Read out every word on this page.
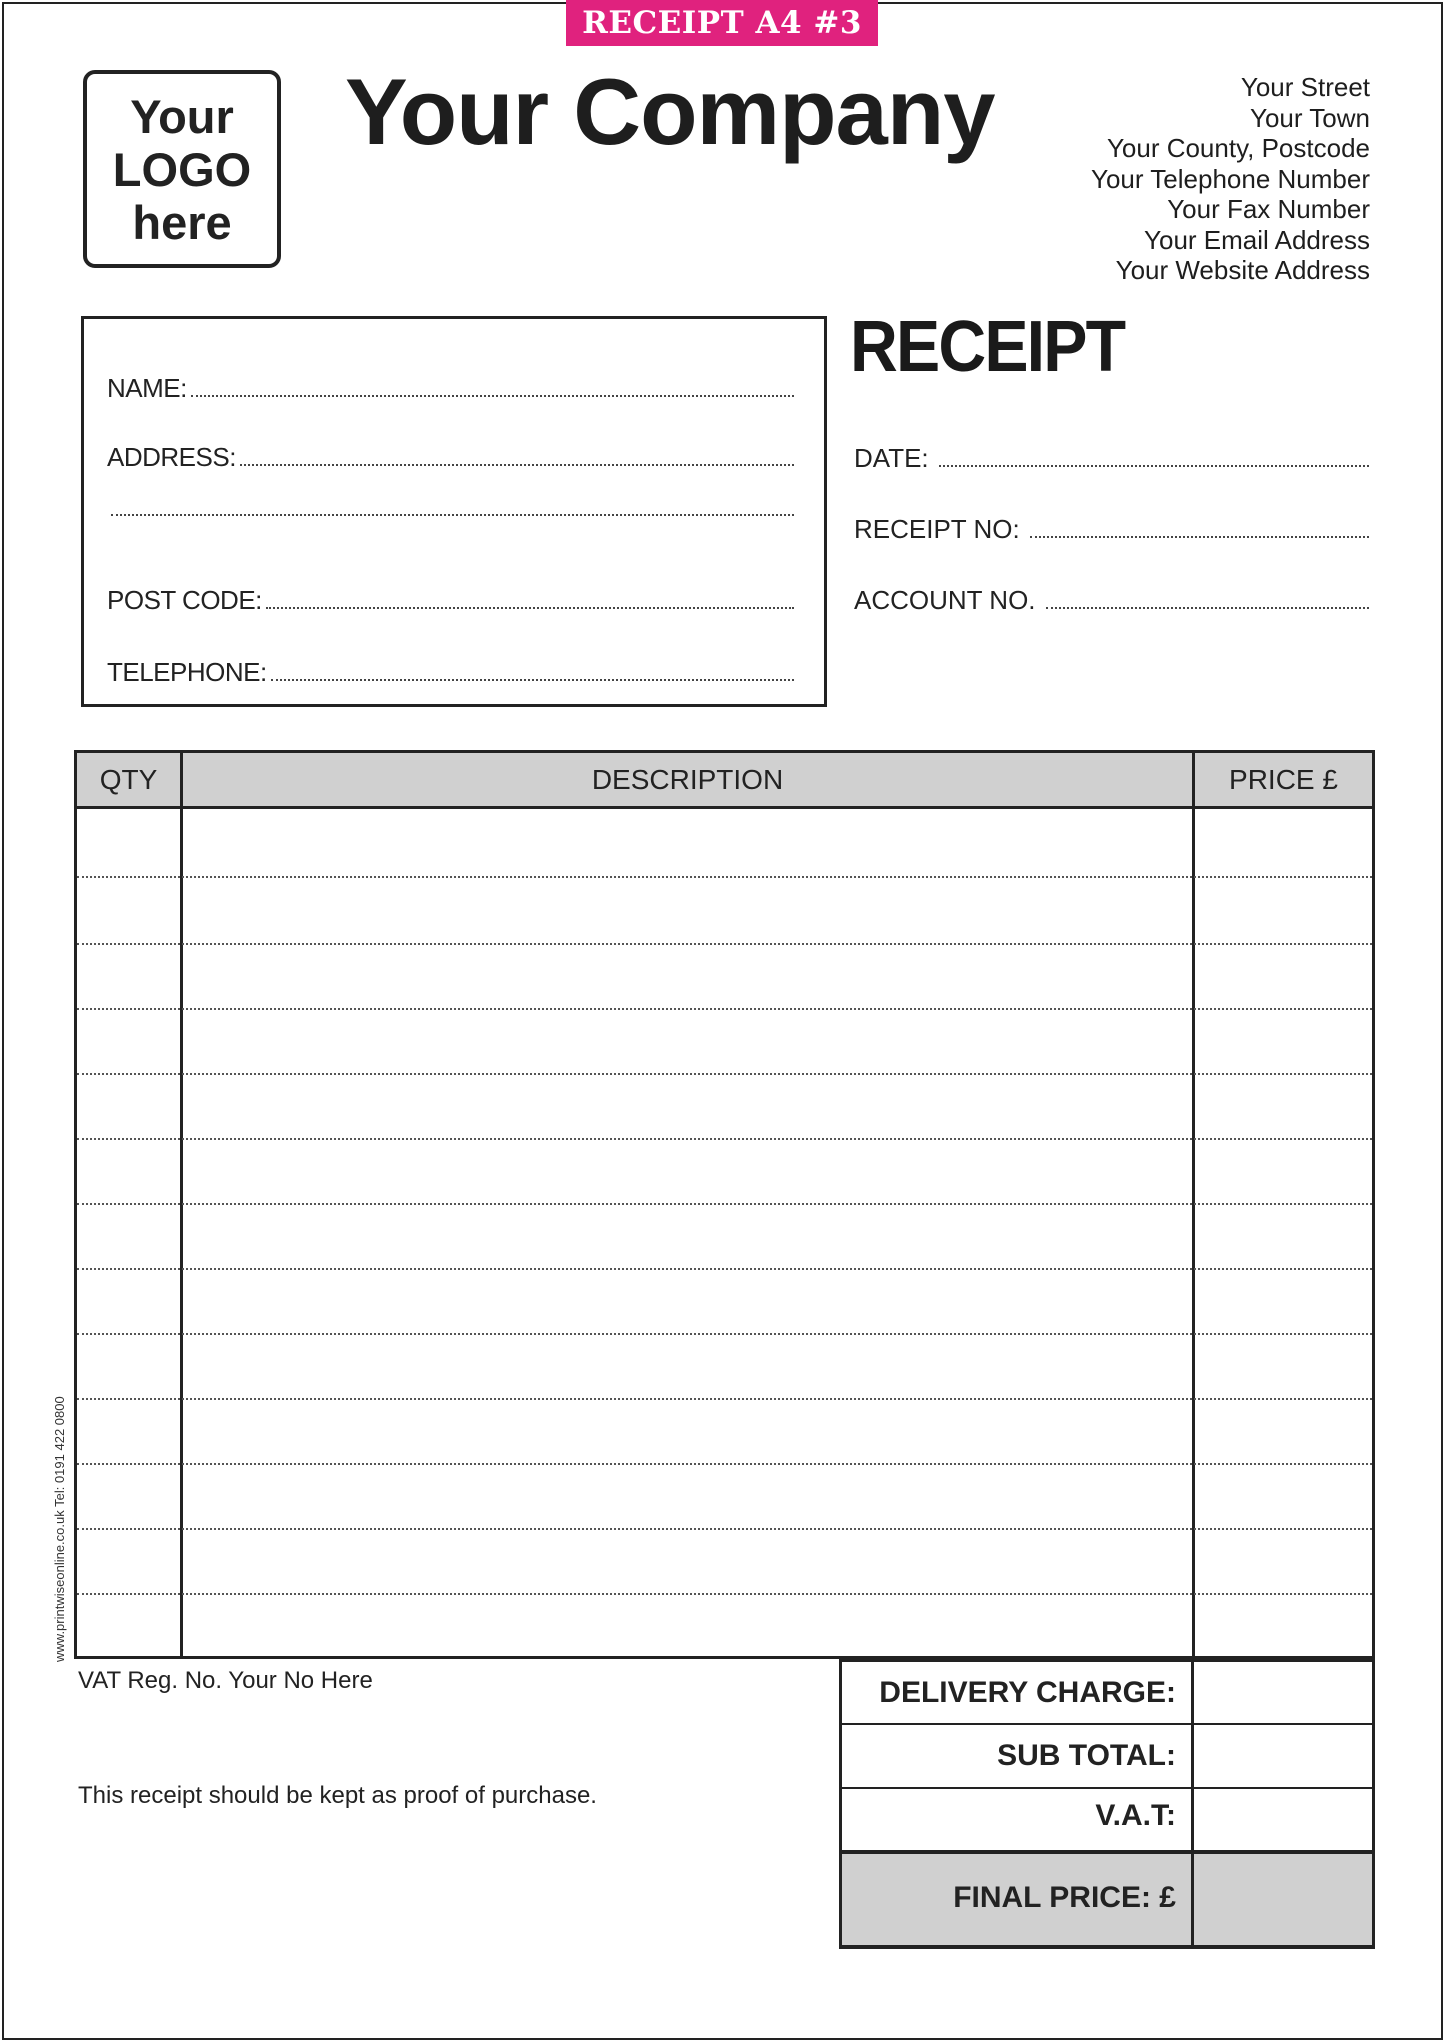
RECEIPT A4 #3
Your
LOGO
here
Your Company	Your Street
Your Town
Your County, Postcode
Your Telephone Number
Your Fax Number
Your Email Address
Your Website Address
NAME:
ADDRESS:
POST CODE:
TELEPHONE:
RECEIPT
DATE:
RECEIPT NO:
ACCOUNT NO.
QTY	DESCRIPTION	PRICE £
www.printwiseonline.co.uk Tel: 0191 422 0800
VAT Reg. No. Your No Here
This receipt should be kept as proof of purchase.
DELIVERY CHARGE:
SUB TOTAL:
V.A.T:
FINAL PRICE: £
